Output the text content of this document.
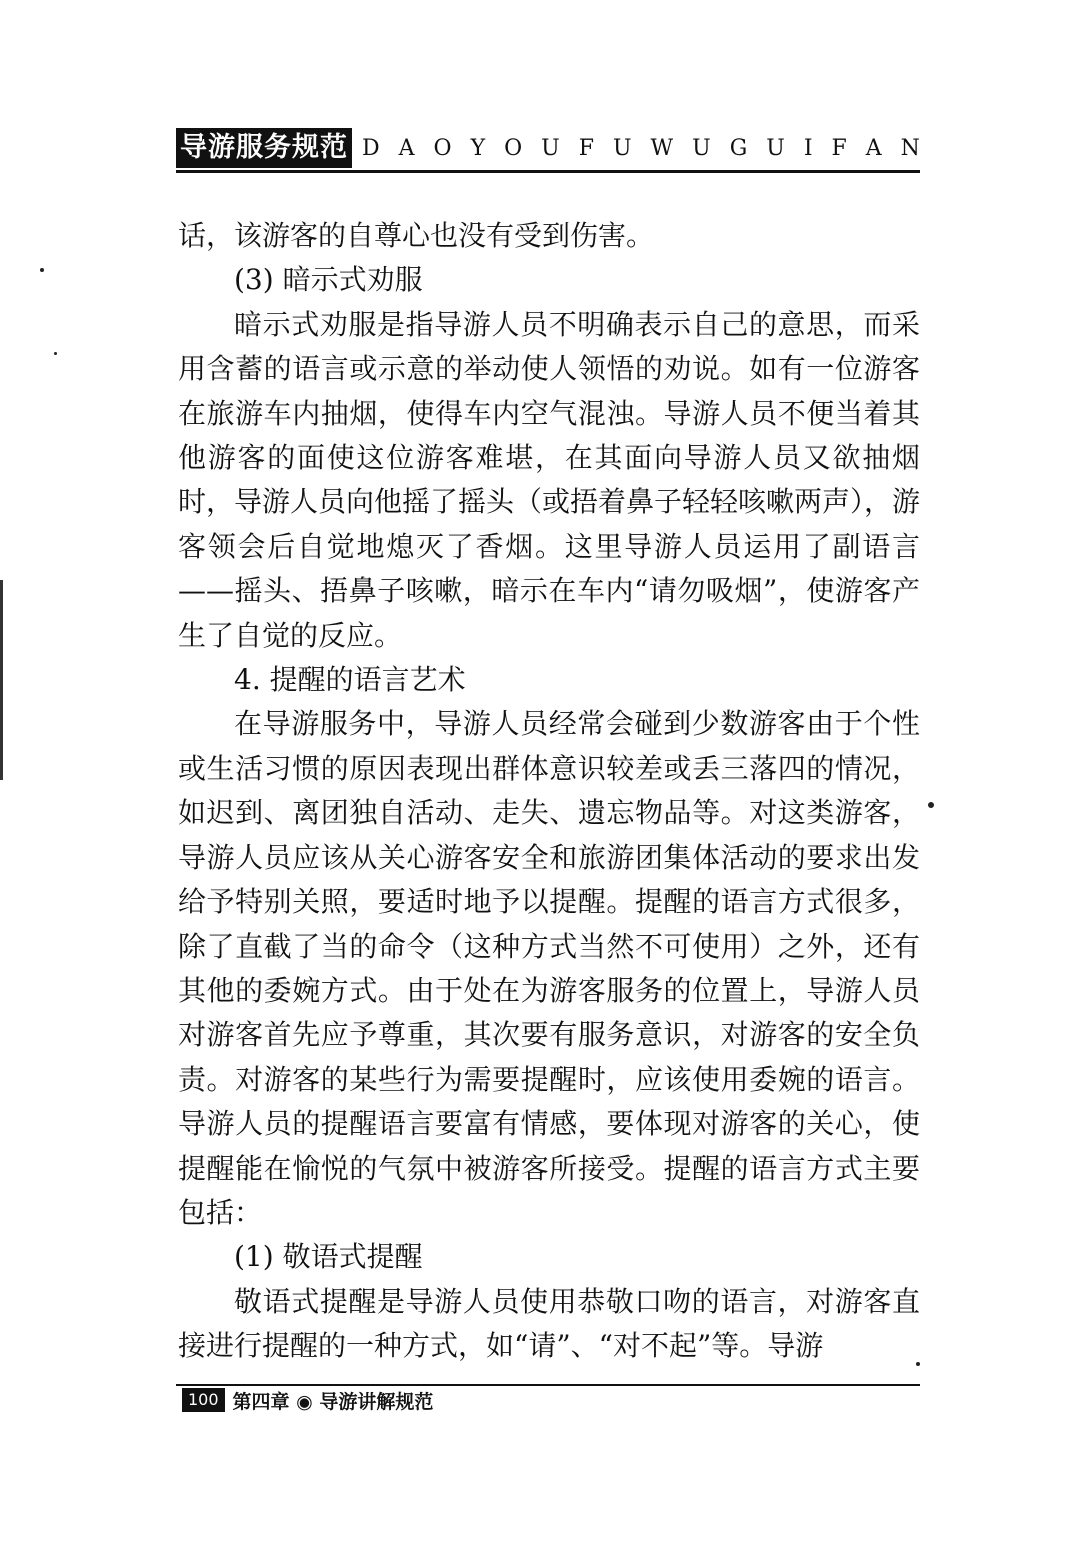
导游服务规范 D A O Y O U F U W U G U I F A N

话，该游客的自尊心也没有受到伤害。

(3) 暗示式劝服

暗示式劝服是指导游人员不明确表示自己的意思，而采用含蓄的语言或示意的举动使人领悟的劝说。如有一位游客在旅游车内抽烟，使得车内空气混浊。导游人员不便当着其他游客的面使这位游客难堪，在其面向导游人员又欲抽烟时，导游人员向他摇了摇头（或捂着鼻子轻轻咳嗽两声），游客领会后自觉地熄灭了香烟。这里导游人员运用了副语言——摇头、捂鼻子咳嗽，暗示在车内“请勿吸烟”，使游客产生了自觉的反应。

4. 提醒的语言艺术

在导游服务中，导游人员经常会碰到少数游客由于个性或生活习惯的原因表现出群体意识较差或丢三落四的情况，如迟到、离团独自活动、走失、遗忘物品等。对这类游客，导游人员应该从关心游客安全和旅游团集体活动的要求出发给予特别关照，要适时地予以提醒。提醒的语言方式很多，除了直截了当的命令（这种方式当然不可使用）之外，还有其他的委婉方式。由于处在为游客服务的位置上，导游人员对游客首先应予尊重，其次要有服务意识，对游客的安全负责。对游客的某些行为需要提醒时，应该使用委婉的语言。导游人员的提醒语言要富有情感，要体现对游客的关心，使提醒能在愉悦的气氛中被游客所接受。提醒的语言方式主要包括：

(1) 敬语式提醒

敬语式提醒是导游人员使用恭敬口吻的语言，对游客直接进行提醒的一种方式，如“请”、“对不起”等。导游

100 第四章 ◉ 导游讲解规范
